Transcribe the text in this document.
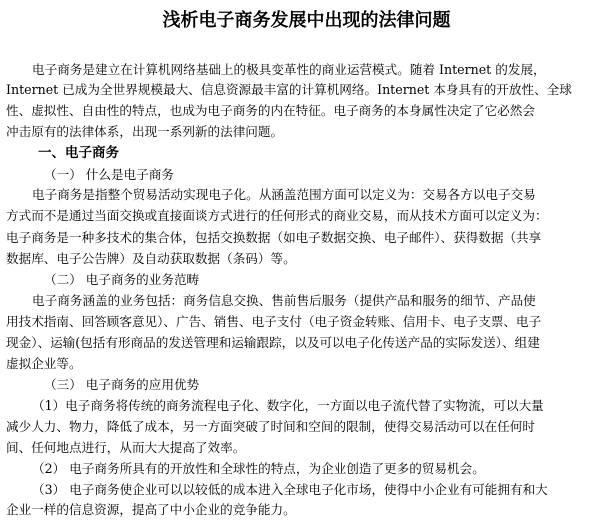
浅析电子商务发展中出现的法律问题
电子商务是建立在计算机网络基础上的极具变革性的商业运营模式。随着 Internet 的发展，
Internet 已成为全世界规模最大、信息资源最丰富的计算机网络。Internet 本身具有的开放性、全球
性、虚拟性、自由性的特点，也成为电子商务的内在特征。电子商务的本身属性决定了它必然会
冲击原有的法律体系，出现一系列新的法律问题。
一、电子商务
（一） 什么是电子商务
电子商务是指整个贸易活动实现电子化。从涵盖范围方面可以定义为：交易各方以电子交易
方式而不是通过当面交换或直接面谈方式进行的任何形式的商业交易，而从技术方面可以定义为：
电子商务是一种多技术的集合体，包括交换数据（如电子数据交换、电子邮件）、获得数据（共享
数据库、电子公告牌）及自动获取数据（条码）等。
（二） 电子商务的业务范畴
电子商务涵盖的业务包括：商务信息交换、售前售后服务（提供产品和服务的细节、产品使
用技术指南、回答顾客意见）、广告、销售、电子支付（电子资金转账、信用卡、电子支票、电子
现金）、运输(包括有形商品的发送管理和运输跟踪，以及可以电子化传送产品的实际发送）、组建
虚拟企业等。
（三） 电子商务的应用优势
（1）电子商务将传统的商务流程电子化、数字化，一方面以电子流代替了实物流，可以大量
减少人力、物力，降低了成本，另一方面突破了时间和空间的限制，使得交易活动可以在任何时
间、任何地点进行，从而大大提高了效率。
（2） 电子商务所具有的开放性和全球性的特点，为企业创造了更多的贸易机会。
（3） 电子商务使企业可以以较低的成本进入全球电子化市场，使得中小企业有可能拥有和大
企业一样的信息资源，提高了中小企业的竞争能力。
